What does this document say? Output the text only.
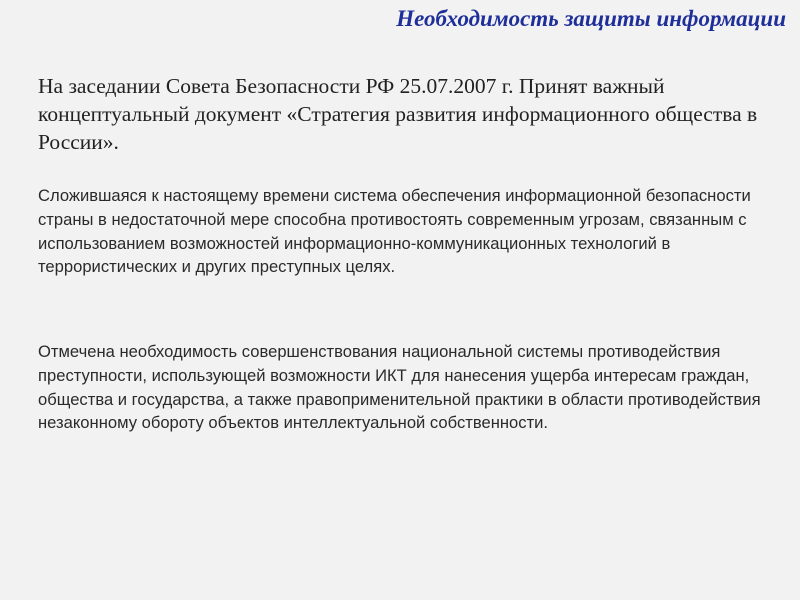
Необходимость защиты информации

На заседании Совета Безопасности РФ 25.07.2007 г. Принят важный концептуальный документ «Стратегия развития информационного общества в России».

Сложившаяся к настоящему времени система обеспечения информационной безопасности страны в недостаточной мере способна противостоять современным угрозам, связанным с использованием возможностей информационно-коммуникационных технологий в террористических и других преступных целях.

Отмечена необходимость совершенствования национальной системы противодействия преступности, использующей возможности ИКТ для нанесения ущерба интересам граждан, общества и государства, а также правоприменительной практики в области противодействия незаконному обороту объектов интеллектуальной собственности.
